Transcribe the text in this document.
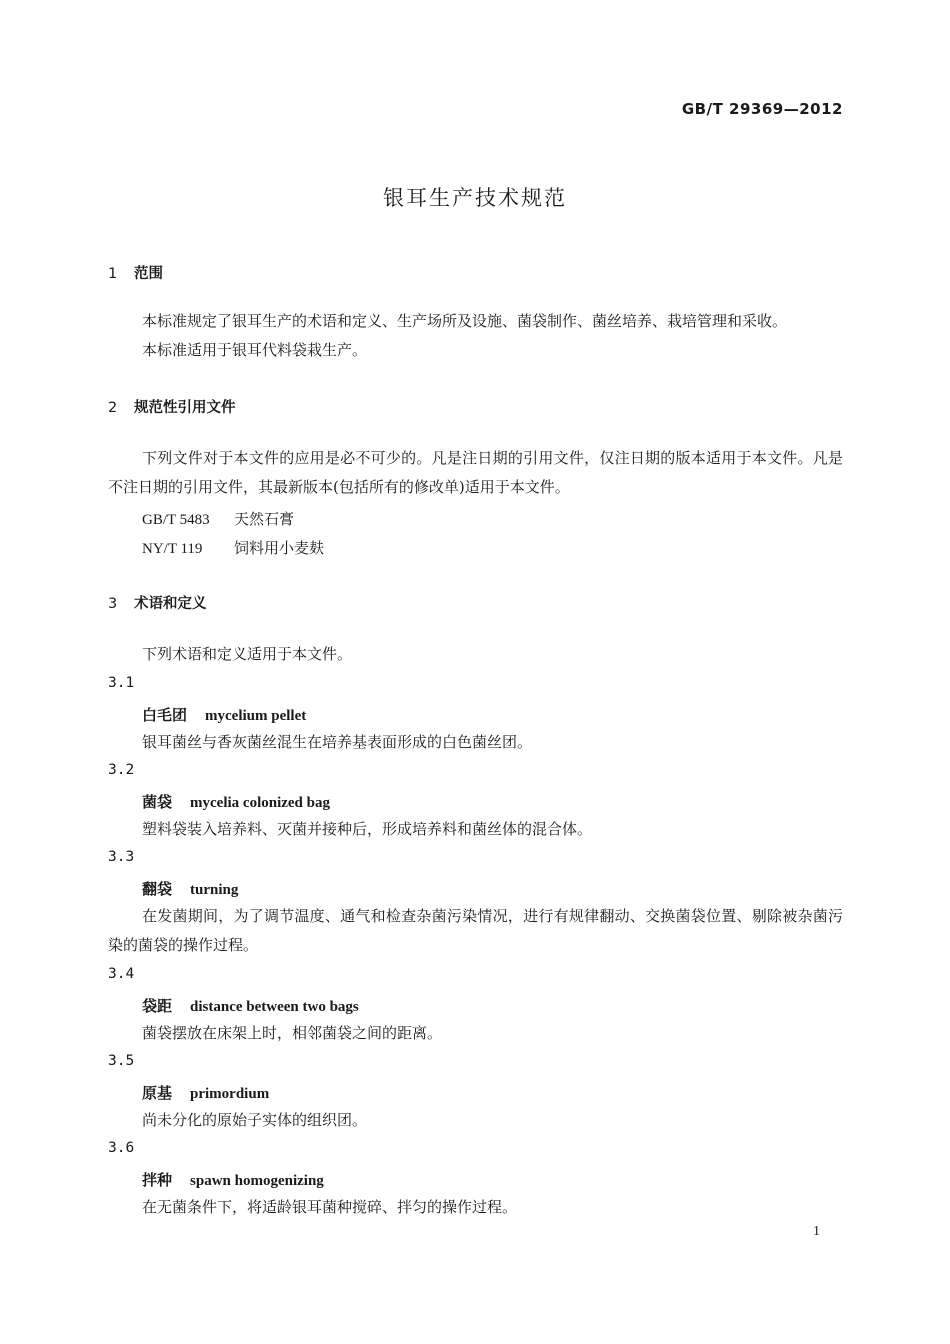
GB/T 29369—2012
银耳生产技术规范
1 范围
本标准规定了银耳生产的术语和定义、生产场所及设施、菌袋制作、菌丝培养、栽培管理和采收。
本标准适用于银耳代料袋栽生产。
2 规范性引用文件
下列文件对于本文件的应用是必不可少的。凡是注日期的引用文件，仅注日期的版本适用于本文件。凡是不注日期的引用文件，其最新版本(包括所有的修改单)适用于本文件。
GB/T 5483 天然石膏
NY/T 119 饲料用小麦麸
3 术语和定义
下列术语和定义适用于本文件。
3.1
白毛团 mycelium pellet
银耳菌丝与香灰菌丝混生在培养基表面形成的白色菌丝团。
3.2
菌袋 mycelia colonized bag
塑料袋装入培养料、灭菌并接种后，形成培养料和菌丝体的混合体。
3.3
翻袋 turning
在发菌期间，为了调节温度、通气和检查杂菌污染情况，进行有规律翻动、交换菌袋位置、剔除被杂菌污染的菌袋的操作过程。
3.4
袋距 distance between two bags
菌袋摆放在床架上时，相邻菌袋之间的距离。
3.5
原基 primordium
尚未分化的原始子实体的组织团。
3.6
拌种 spawn homogenizing
在无菌条件下，将适龄银耳菌种搅碎、拌匀的操作过程。
1
